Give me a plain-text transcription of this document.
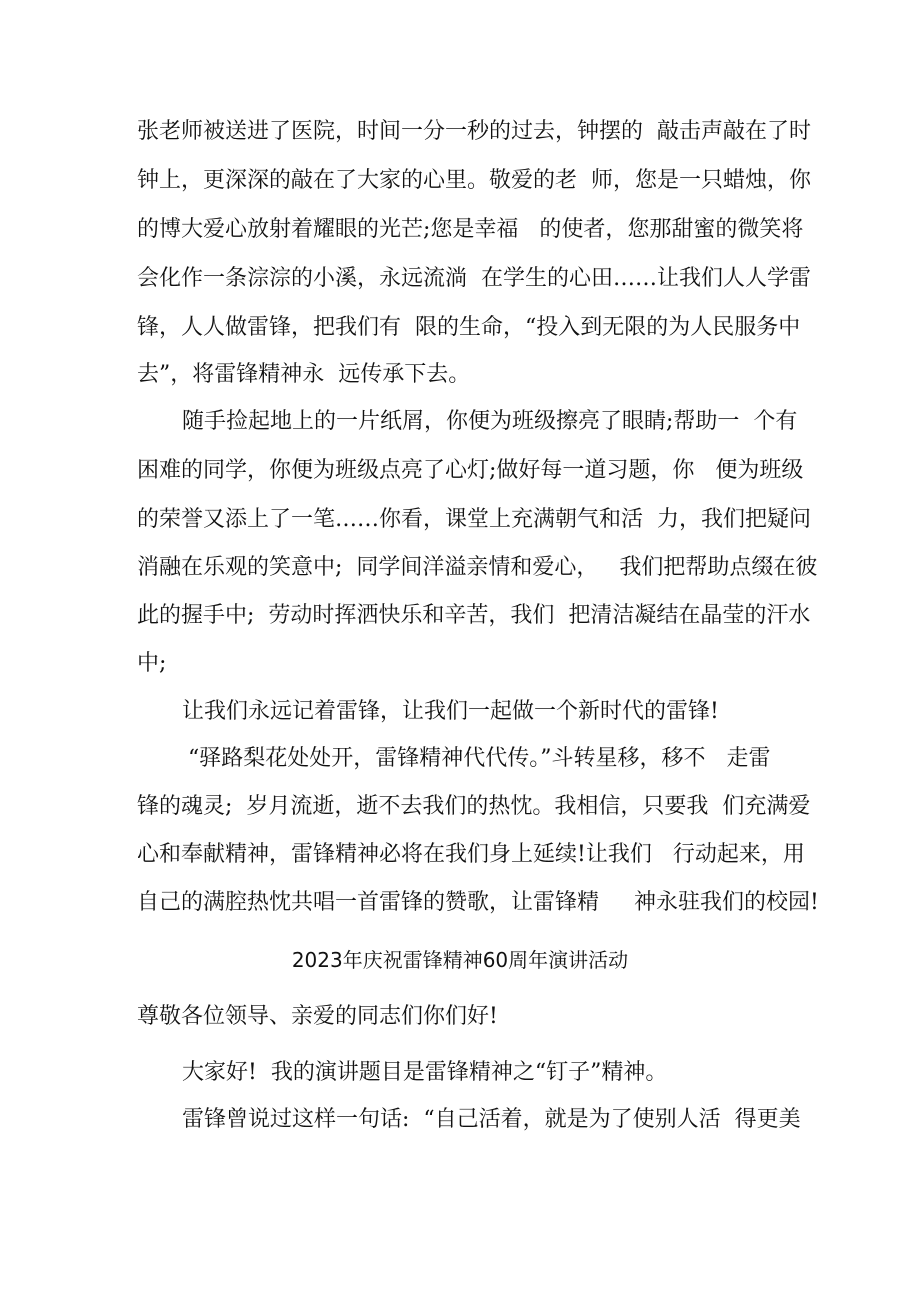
张老师被送进了医院，时间一分一秒的过去，钟摆的  敲击声敲在了时
钟上，更深深的敲在了大家的心里。敬爱的老  师，您是一只蜡烛，你
的博大爱心放射着耀眼的光芒;您是幸福   的使者，您那甜蜜的微笑将
会化作一条淙淙的小溪，永远流淌  在学生的心田……让我们人人学雷
锋，人人做雷锋，把我们有  限的生命，“投入到无限的为人民服务中
去”，将雷锋精神永  远传承下去。
随手捡起地上的一片纸屑，你便为班级擦亮了眼睛;帮助一  个有
困难的同学，你便为班级点亮了心灯;做好每一道习题，你   便为班级
的荣誉又添上了一笔……你看，课堂上充满朝气和活  力，我们把疑问
消融在乐观的笑意中;  同学间洋溢亲情和爱心，   我们把帮助点缀在彼
此的握手中;  劳动时挥洒快乐和辛苦，我们  把清洁凝结在晶莹的汗水
中;
让我们永远记着雷锋，让我们一起做一个新时代的雷锋!
“驿路梨花处处开，雷锋精神代代传。”斗转星移，移不   走雷
锋的魂灵;  岁月流逝，逝不去我们的热忱。我相信，只要我  们充满爱
心和奉献精神，雷锋精神必将在我们身上延续!让我们   行动起来，用
自己的满腔热忱共唱一首雷锋的赞歌，让雷锋精     神永驻我们的校园!
2023年庆祝雷锋精神60周年演讲活动
尊敬各位领导、亲爱的同志们你们好!
大家好!  我的演讲题目是雷锋精神之“钉子”精神。
雷锋曾说过这样一句话:  “自己活着，就是为了使别人活  得更美
